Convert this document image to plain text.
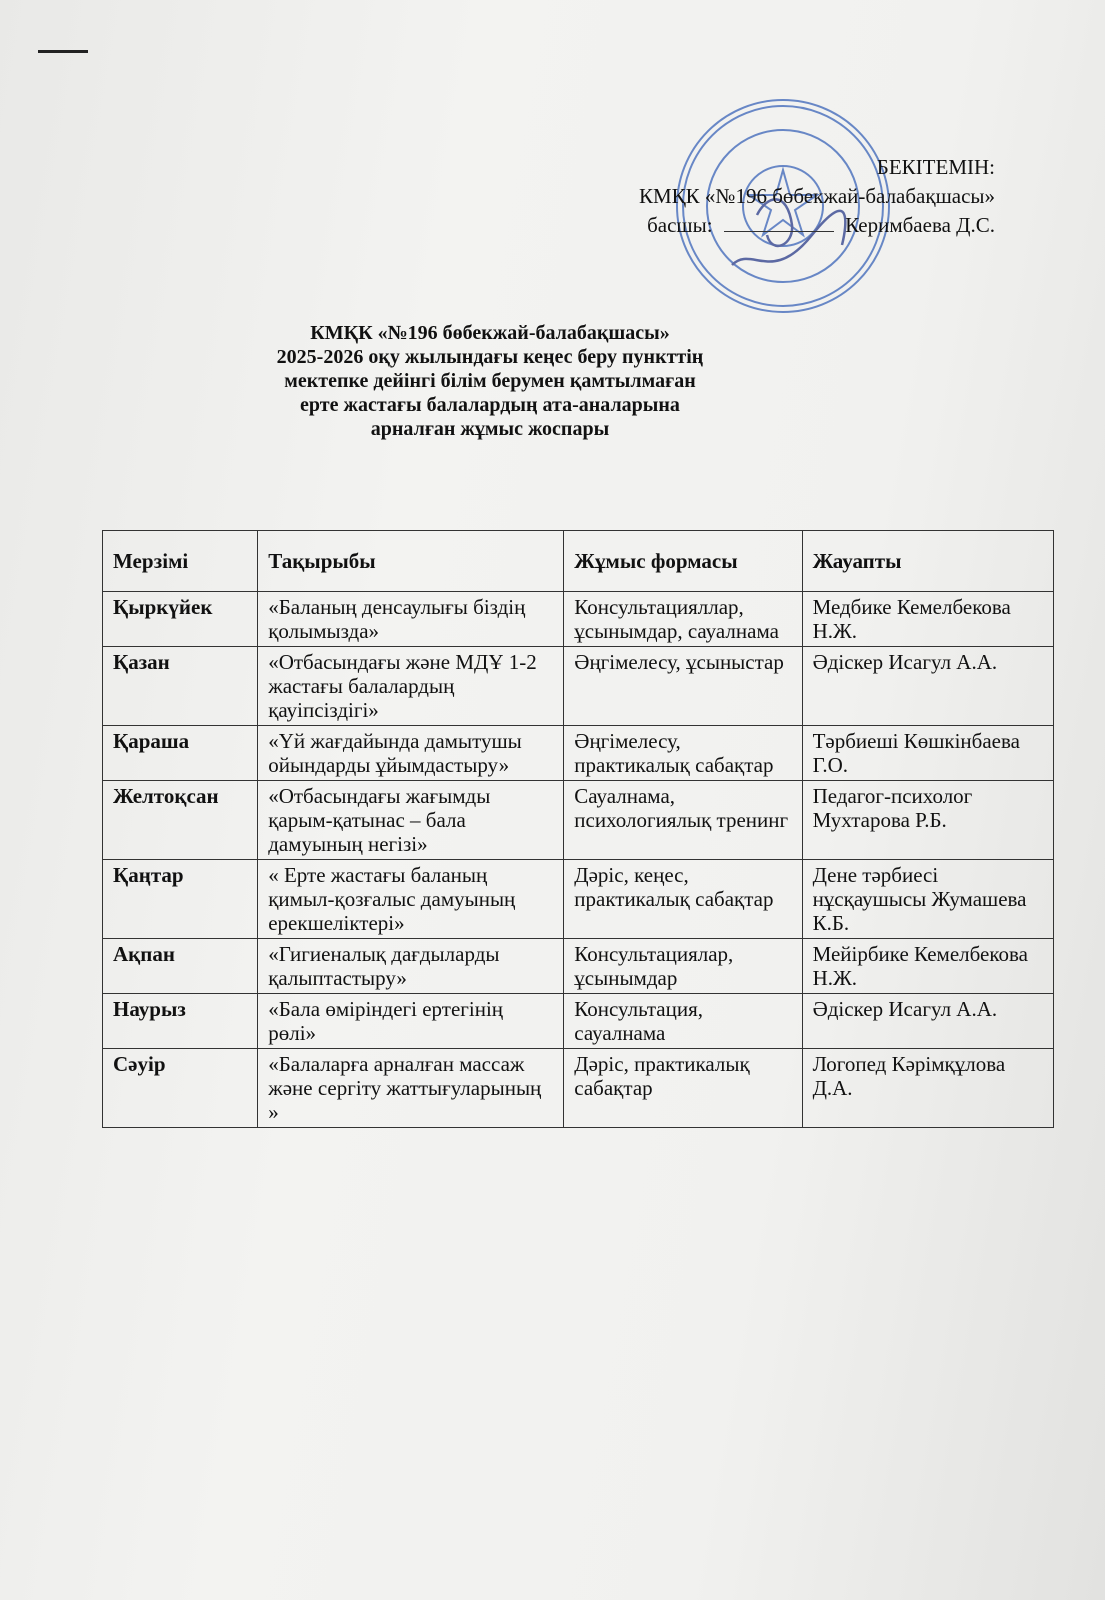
БЕКІТЕМІН:
КМҚК «№196 бөбекжай-балабақшасы»
басшы:	Керимбаева Д.С.
КМҚК «№196 бөбекжай-балабақшасы»
2025-2026 оқу жылындағы кеңес беру пункттің
мектепке дейінгі білім берумен қамтылмаған
ерте жастағы балалардың ата-аналарына
арналған жұмыс жоспары
Мерзімі	Тақырыбы	Жұмыс формасы	Жауапты
Қыркүйек	«Баланың денсаулығы біздің қолымызда»	Консультацияллар, ұсынымдар, сауалнама	Медбике Кемелбекова Н.Ж.
Қазан	«Отбасындағы және МДҰ 1-2 жастағы балалардың қауіпсіздігі»	Әңгімелесу, ұсыныстар	Әдіскер Исагул А.А.
Қараша	«Үй жағдайында дамытушы ойындарды ұйымдастыру»	Әңгімелесу, практикалық сабақтар	Тәрбиеші Көшкінбаева Г.О.
Желтоқсан	«Отбасындағы жағымды қарым-қатынас – бала дамуының негізі»	Сауалнама, психологиялық тренинг	Педагог-психолог Мухтарова Р.Б.
Қаңтар	« Ерте жастағы баланың қимыл-қозғалыс дамуының ерекшеліктері»	Дәріс, кеңес, практикалық сабақтар	Дене тәрбиесі нұсқаушысы Жумашева К.Б.
Ақпан	«Гигиеналық дағдыларды қалыптастыру»	Консультациялар, ұсынымдар	Мейірбике Кемелбекова Н.Ж.
Наурыз	«Бала өміріндегі ертегінің рөлі»	Консультация, сауалнама	Әдіскер Исагул А.А.
Сәуір	«Балаларға арналған массаж және сергіту жаттығуларының »	Дәріс, практикалық сабақтар	Логопед Кәрімқұлова Д.А.
